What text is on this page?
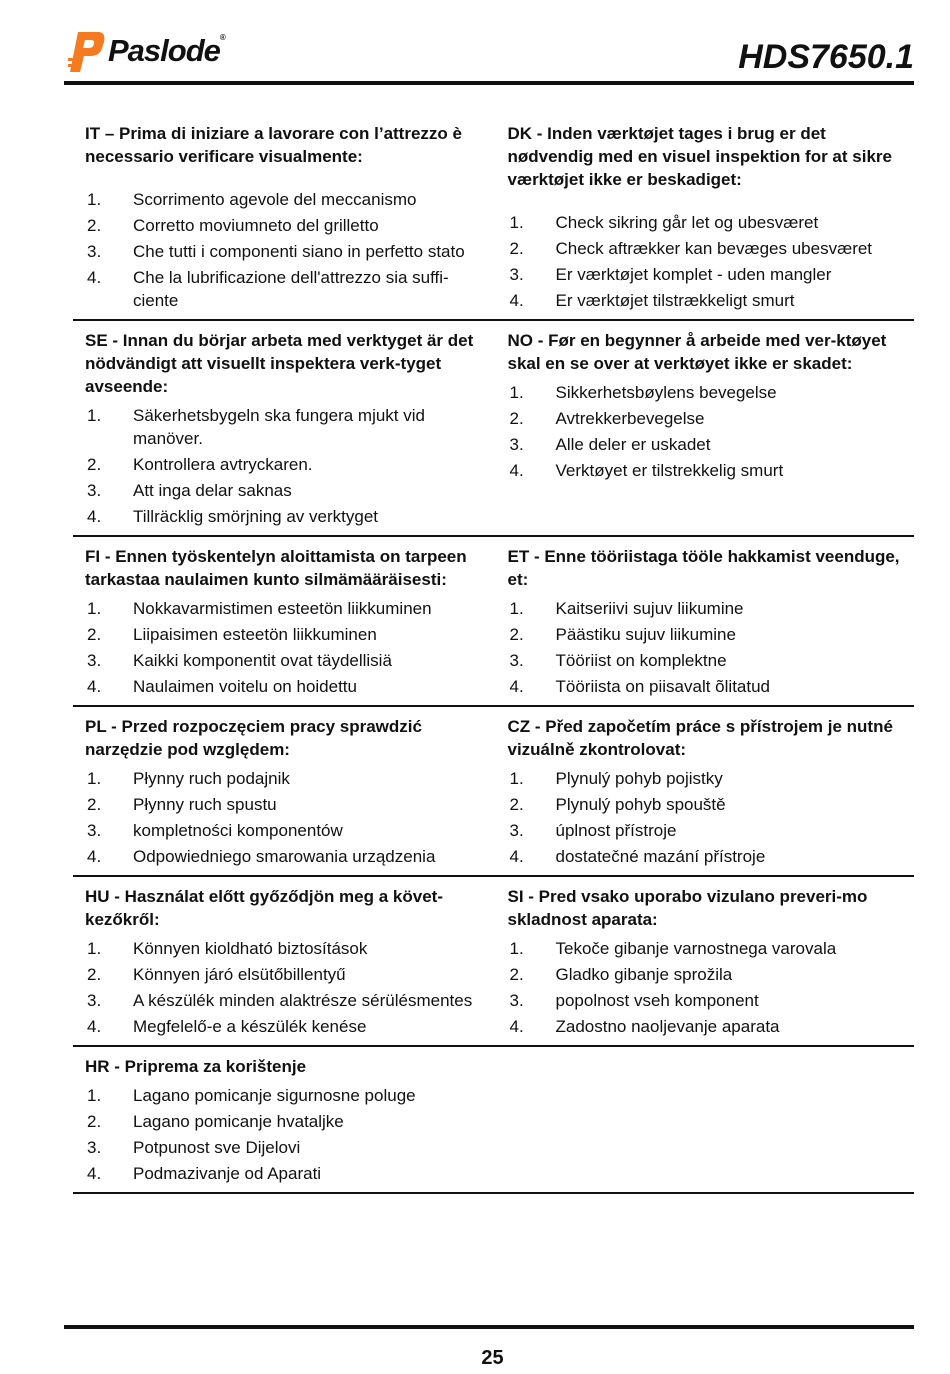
Paslode®
HDS7650.1
IT – Prima di iniziare a lavorare con l’attrezzo è necessario verificare visualmente:
1.	Scorrimento agevole del meccanismo
2.	Corretto moviumneto del grilletto
3.	Che tutti i componenti siano in perfetto stato
4.	Che la lubrificazione dell'attrezzo sia suffi-ciente
DK - Inden værktøjet tages i brug er det nødvendig med en visuel inspektion for at sikre værktøjet ikke er beskadiget:
1.	Check sikring går let og ubesværet
2.	Check aftrækker kan bevæges ubesværet
3.	Er værktøjet komplet - uden mangler
4.	Er værktøjet tilstrækkeligt smurt
SE - Innan du börjar arbeta med verktyget är det nödvändigt att visuellt inspektera verk-tyget avseende:
1.	Säkerhetsbygeln ska fungera mjukt vid manöver.
2.	Kontrollera avtryckaren.
3.	Att inga delar saknas
4.	Tillräcklig smörjning av verktyget
NO - Før en begynner å arbeide med ver-ktøyet skal en se over at verktøyet ikke er skadet:
1.	Sikkerhetsbøylens bevegelse
2.	Avtrekkerbevegelse
3.	Alle deler er uskadet
4.	Verktøyet er tilstrekkelig smurt
FI - Ennen työskentelyn aloittamista on tarpeen tarkastaa naulaimen kunto silmämääräisesti:
1.	Nokkavarmistimen esteetön liikkuminen
2.	Liipaisimen esteetön liikkuminen
3.	Kaikki komponentit ovat täydellisiä
4.	Naulaimen voitelu on hoidettu
ET - Enne tööriistaga tööle hakkamist veenduge, et:
1.	Kaitseriivi sujuv liikumine
2.	Päästiku sujuv liikumine
3.	Tööriist on komplektne
4.	Tööriista on piisavalt õlitatud
PL - Przed rozpoczęciem pracy sprawdzić narzędzie pod względem:
1.	Płynny ruch podajnik
2.	Płynny ruch spustu
3.	kompletności komponentów
4.	Odpowiedniego smarowania urządzenia
CZ - Před započetím práce s přístrojem je nutné vizuálně zkontrolovat:
1.	Plynulý pohyb pojistky
2.	Plynulý pohyb spouště
3.	úplnost přístroje
4.	dostatečné mazání přístroje
HU - Használat előtt győződjön meg a követ-kezőkről:
1.	Könnyen kioldható biztosítások
2.	Könnyen járó elsütőbillentyű
3.	A készülék minden alaktrésze sérülésmentes
4.	Megfelelő-e a készülék kenése
SI - Pred vsako uporabo vizulano preveri-mo skladnost aparata:
1.	Tekoče gibanje varnostnega varovala
2.	Gladko gibanje sprožila
3.	popolnost vseh komponent
4.	Zadostno naoljevanje aparata
HR - Priprema za korištenje
1.	Lagano pomicanje sigurnosne poluge
2.	Lagano pomicanje hvataljke
3.	Potpunost sve Dijelovi
4.	Podmazivanje od Aparati
25
